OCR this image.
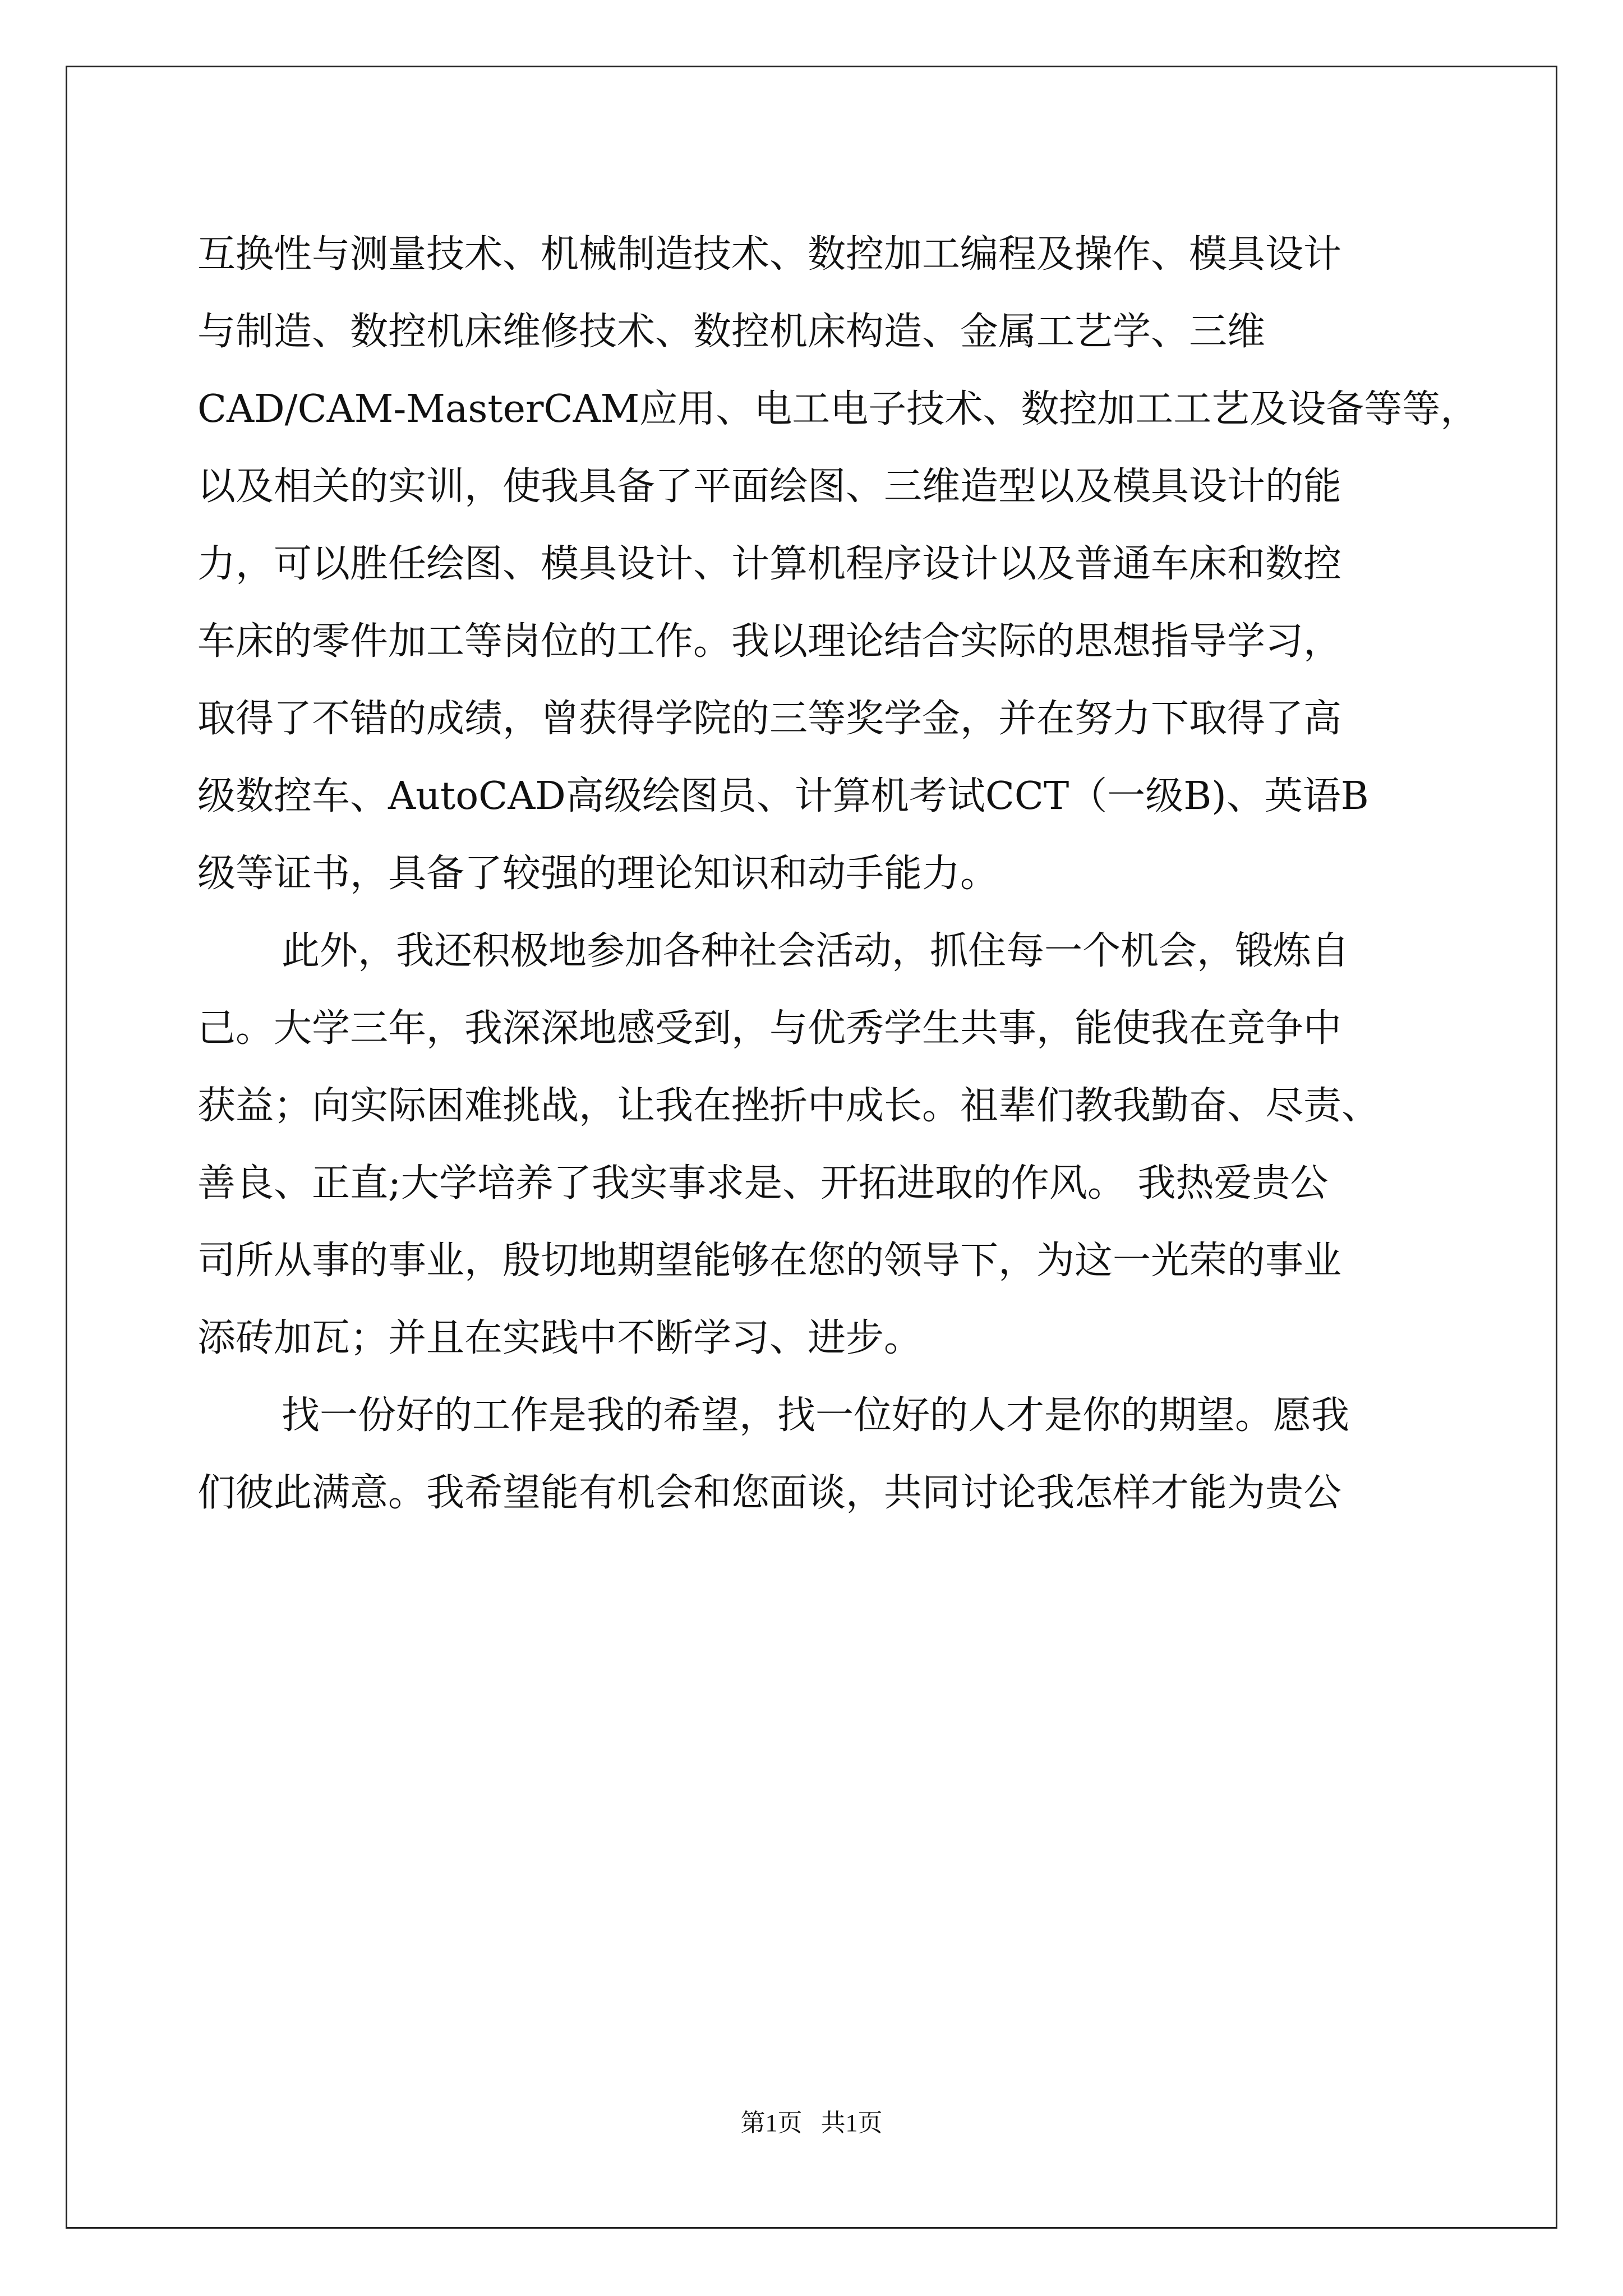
互换性与测量技术、机械制造技术、数控加工编程及操作、模具设计
与制造、数控机床维修技术、数控机床构造、金属工艺学、三维
CAD/CAM-MasterCAM应用、电工电子技术、数控加工工艺及设备等等，
以及相关的实训，使我具备了平面绘图、三维造型以及模具设计的能
力，可以胜任绘图、模具设计、计算机程序设计以及普通车床和数控
车床的零件加工等岗位的工作。我以理论结合实际的思想指导学习，
取得了不错的成绩，曾获得学院的三等奖学金，并在努力下取得了高
级数控车、AutoCAD高级绘图员、计算机考试CCT（一级B)、英语B
级等证书，具备了较强的理论知识和动手能力。
此外，我还积极地参加各种社会活动，抓住每一个机会，锻炼自
己。大学三年，我深深地感受到，与优秀学生共事，能使我在竞争中
获益；向实际困难挑战，让我在挫折中成长。祖辈们教我勤奋、尽责、
善良、正直;大学培养了我实事求是、开拓进取的作风。 我热爱贵公
司所从事的事业，殷切地期望能够在您的领导下，为这一光荣的事业
添砖加瓦；并且在实践中不断学习、进步。
找一份好的工作是我的希望，找一位好的人才是你的期望。愿我
们彼此满意。我希望能有机会和您面谈，共同讨论我怎样才能为贵公
第1页   共1页
